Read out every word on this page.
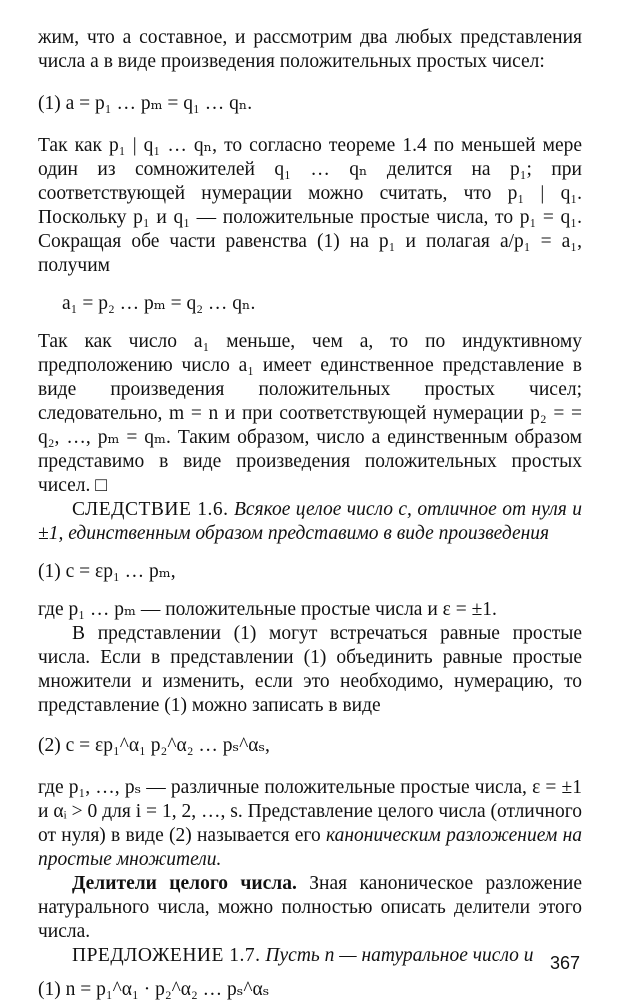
жим, что a составное, и рассмотрим два любых представления числа a в виде произведения положительных простых чисел:

(1) a = p₁ … pₘ = q₁ … qₙ.

Так как p₁ | q₁ … qₙ, то согласно теореме 1.4 по меньшей мере один из сомножителей q₁ … qₙ делится на p₁; при соответствующей нумерации можно считать, что p₁ | q₁. Поскольку p₁ и q₁ — положительные простые числа, то p₁ = q₁. Сокращая обе части равенства (1) на p₁ и полагая a/p₁ = a₁, получим

a₁ = p₂ … pₘ = q₂ … qₙ.

Так как число a₁ меньше, чем a, то по индуктивному предположению число a₁ имеет единственное представление в виде произведения положительных простых чисел; следовательно, m = n и при соответствующей нумерации p₂ = = q₂, …, pₘ = qₘ. Таким образом, число a единственным образом представимо в виде произведения положительных простых чисел. □

СЛЕДСТВИЕ 1.6. Всякое целое число c, отличное от нуля и ±1, единственным образом представимо в виде произведения

(1) c = εp₁ … pₘ,

где p₁ … pₘ — положительные простые числа и ε = ±1.

В представлении (1) могут встречаться равные простые числа. Если в представлении (1) объединить равные простые множители и изменить, если это необходимо, нумерацию, то представление (1) можно записать в виде

(2) c = εp₁^α₁ p₂^α₂ … pₛ^αₛ,

где p₁, …, pₛ — различные положительные простые числа, ε = ±1 и αᵢ > 0 для i = 1, 2, …, s. Представление целого числа (отличного от нуля) в виде (2) называется его каноническим разложением на простые множители.

Делители целого числа. Зная каноническое разложение натурального числа, можно полностью описать делители этого числа.

ПРЕДЛОЖЕНИЕ 1.7. Пусть n — натуральное число и

(1) n = p₁^α₁ · p₂^α₂ … pₛ^αₛ

367
